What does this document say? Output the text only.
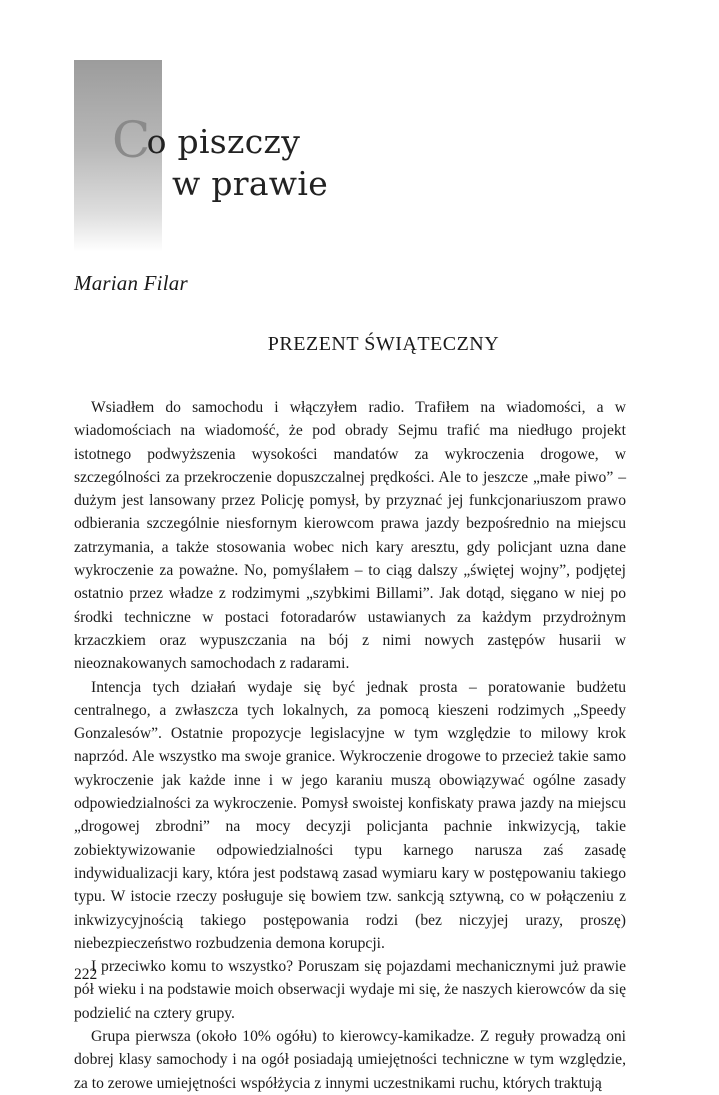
Co piszczy
w prawie
Marian Filar
PREZENT ŚWIĄTECZNY

Wsiadłem do samochodu i włączyłem radio. Trafiłem na wiadomości, a w wiadomościach na wiadomość, że pod obrady Sejmu trafić ma niedługo projekt istotnego podwyższenia wysokości mandatów za wykroczenia drogowe, w szczególności za przekroczenie dopuszczalnej prędkości. Ale to jeszcze „małe piwo” – dużym jest lansowany przez Policję pomysł, by przyznać jej funkcjonariuszom prawo odbierania szczególnie niesfornym kierowcom prawa jazdy bezpośrednio na miejscu zatrzymania, a także stosowania wobec nich kary aresztu, gdy policjant uzna dane wykroczenie za poważne. No, pomyślałem – to ciąg dalszy „świętej wojny”, podjętej ostatnio przez władze z rodzimymi „szybkimi Billami”. Jak dotąd, sięgano w niej po środki techniczne w postaci fotoradarów ustawianych za każdym przydrożnym krzaczkiem oraz wypuszczania na bój z nimi nowych zastępów husarii w nieoznakowanych samochodach z radarami.

Intencja tych działań wydaje się być jednak prosta – poratowanie budżetu centralnego, a zwłaszcza tych lokalnych, za pomocą kieszeni rodzimych „Speedy Gonzalesów”. Ostatnie propozycje legislacyjne w tym względzie to milowy krok naprzód. Ale wszystko ma swoje granice. Wykroczenie drogowe to przecież takie samo wykroczenie jak każde inne i w jego karaniu muszą obowiązywać ogólne zasady odpowiedzialności za wykroczenie. Pomysł swoistej konfiskaty prawa jazdy na miejscu „drogowej zbrodni” na mocy decyzji policjanta pachnie inkwizycją, takie zobiektywizowanie odpowiedzialności typu karnego narusza zaś zasadę indywidualizacji kary, która jest podstawą zasad wymiaru kary w postępowaniu takiego typu. W istocie rzeczy posługuje się bowiem tzw. sankcją sztywną, co w połączeniu z inkwizycyjnością takiego postępowania rodzi (bez niczyjej urazy, proszę) niebezpieczeństwo rozbudzenia demona korupcji.

I przeciwko komu to wszystko? Poruszam się pojazdami mechanicznymi już prawie pół wieku i na podstawie moich obserwacji wydaje mi się, że naszych kierowców da się podzielić na cztery grupy.

Grupa pierwsza (około 10% ogółu) to kierowcy-kamikadze. Z reguły prowadzą oni dobrej klasy samochody i na ogół posiadają umiejętności techniczne w tym względzie, za to zerowe umiejętności współżycia z innymi uczestnikami ruchu, których traktują

222
